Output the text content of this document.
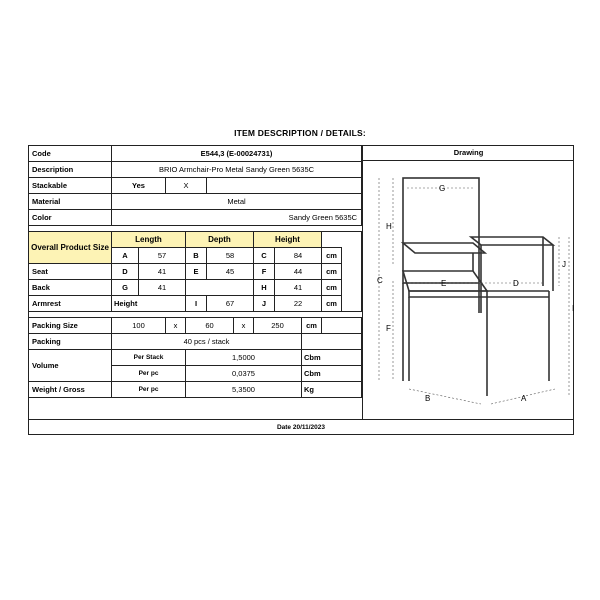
ITEM DESCRIPTION / DETAILS:
Code	E544,3 (E-00024731)										
Description	BRIO Armchair-Pro Metal Sandy Green 5635C										
Stackable	Yes		X								
Material	Metal										
Color	Sandy Green 5635C										

Overall Product Size	Length			Depth			Height				
	A	57		B	58		C	84		cm	
Seat	D	41		E	45		F	44		cm	
Back	G	41					H	41		cm	
Armrest	Height			I	67		J	22		cm	

Packing Size	100		x	60		x	250		cm		
Packing	40 pcs / stack										
Volume	Per Stack			1,5000					Cbm		
	Per pc			0,0375					Cbm		
Weight / Gross	Per pc			5,3500					Kg		
Drawing
G
H
C
F
E	D
J
I
B	A
Date 20/11/2023
